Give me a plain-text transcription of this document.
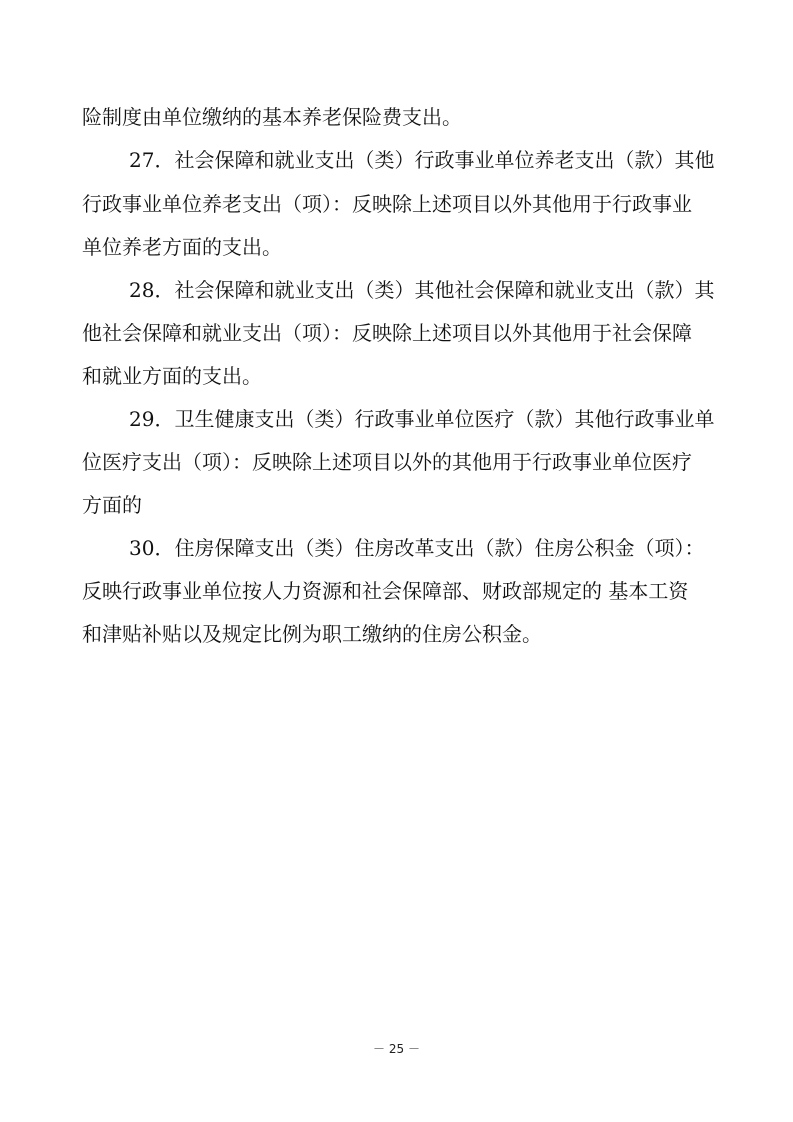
险制度由单位缴纳的基本养老保险费支出。
27．社会保障和就业支出（类）行政事业单位养老支出（款）其他
行政事业单位养老支出（项）：反映除上述项目以外其他用于行政事业
单位养老方面的支出。
28．社会保障和就业支出（类）其他社会保障和就业支出（款）其
他社会保障和就业支出（项）：反映除上述项目以外其他用于社会保障
和就业方面的支出。
29．卫生健康支出（类）行政事业单位医疗（款）其他行政事业单
位医疗支出（项）：反映除上述项目以外的其他用于行政事业单位医疗
方面的
30．住房保障支出（类）住房改革支出（款）住房公积金（项）：
反映行政事业单位按人力资源和社会保障部、财政部规定的 基本工资
和津贴补贴以及规定比例为职工缴纳的住房公积金。
－ 25 －
